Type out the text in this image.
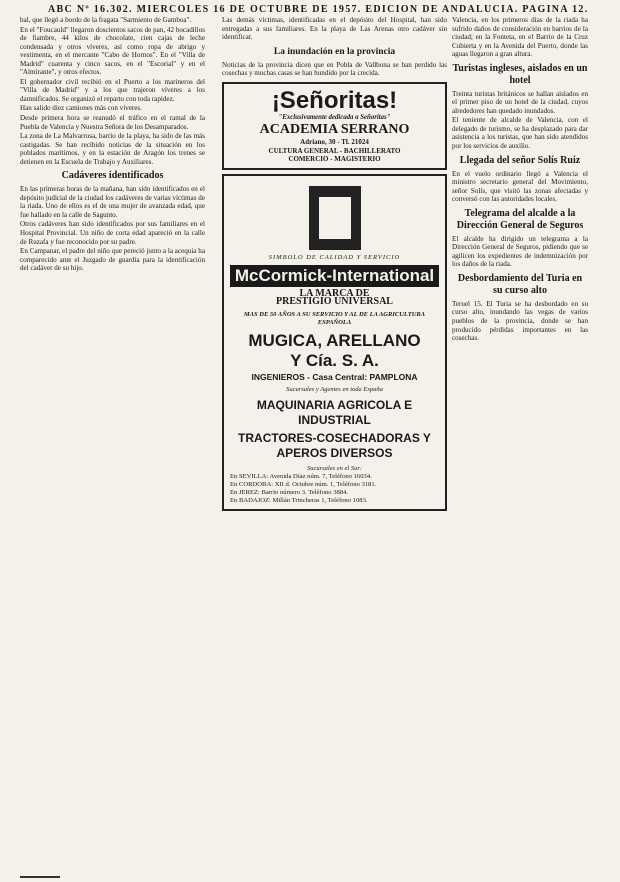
ABC Nº 16.302. MIERCOLES 16 DE OCTUBRE DE 1957. EDICION DE ANDALUCIA. PAGINA 12.

bal, que llegó a bordo de la fragata "Sarmiento de Gamboa".

En el "Foucauld" llegaron doscientos sacos de pan, 42 bocadillos de fiambre, 44 kilos de chocolate, cien cajas de leche condensada y otros víveres, así como ropa de abrigo y vestimenta, en el mercante "Cabo de Hornos". En el "Villa de Madrid" cuarenta y cinco sacos, en el "Escorial" y en el "Almirante", y otros efectos.

El gobernador civil recibió en el Puerto a los marineros del "Villa de Madrid" y a los que trajeron víveres a los damnificados. Se organizó el reparto con toda rapidez.

Han salido diez camiones más con víveres.

Desde primera hora se reanudó el tráfico en el ramal de la Puebla de Valencia y Nuestra Señora de los Desamparados.

La zona de La Malvarrosa, barrio de la playa, ha sido de las más castigadas. Se han recibido noticias de la situación en los poblados marítimos, y en la estación de Aragón los trenes se detienen en la Escuela de Trabajo y Auxiliares.

Cadáveres identificados

En las primeras horas de la mañana, han sido identificados en el depósito judicial de la ciudad los cadáveres de varias víctimas de la riada. Uno de ellos es el de una mujer de avanzada edad, que fue hallado en la calle de Sagunto.

Otros cadáveres han sido identificados por sus familiares en el Hospital Provincial. Un niño de corta edad apareció en la calle de Ruzafa y fue reconocido por su padre.

En Campanar, el padre del niño que pereció junto a la acequia ha comparecido ante el Juzgado de guardia para la identificación del cadáver de su hijo.

Las demás víctimas, identificadas en el depósito del Hospital, han sido entregadas a sus familiares. En la playa de Las Arenas otro cadáver sin identificar.

La inundación en la provincia

Noticias de la provincia dicen que en Pobla de Vallbona se han perdido las cosechas y muchas casas se han hundido por la crecida.

¡Señoritas!
"Exclusivamente dedicada a Señoritas"
ACADEMIA SERRANO
Adriano, 30 - Tl. 21024
CULTURA GENERAL - BACHILLERATO
COMERCIO - MAGISTERIO
SIMBOLO DE CALIDAD Y SERVICIO
McCormick-International
LA MARCA DE
PRESTIGIO UNIVERSAL
MAS DE 50 AÑOS A SU SERVICIO Y AL DE LA AGRICULTURA ESPAÑOLA
MUGICA, ARELLANO
Y Cía. S. A.
INGENIEROS - Casa Central: PAMPLONA
Sucursales y Agentes en toda España
MAQUINARIA AGRICOLA E INDUSTRIAL
TRACTORES-COSECHADORAS Y APEROS DIVERSOS
Sucursales en el Sur:
En SEVILLA: Avenida Díaz núm. 7, Teléfono 16034.
En CORDOBA: XII d. Octubre núm. 1, Teléfono 3181.
En JEREZ: Barrio número 3. Teléfono 3884.
En BADAJOZ: Millán Trincheras 1, Teléfono 1083.

Valencia, en los primeros días de la riada ha sufrido daños de consideración en barrios de la ciudad; en la Fonteta, en el Barrio de la Cruz Cubierta y en la Avenida del Puerto, donde las aguas llegaron a gran altura.

Turistas ingleses, aislados en un hotel

Treinta turistas británicos se hallan aislados en el primer piso de un hotel de la ciudad, cuyos alrededores han quedado inundados.

El teniente de alcalde de Valencia, con el delegado de turismo, se ha desplazado para dar asistencia a los turistas, que han sido atendidos por los servicios de auxilio.

Llegada del señor Solís Ruiz

En el vuelo ordinario llegó a Valencia el ministro secretario general del Movimiento, señor Solís, que visitó las zonas afectadas y conversó con las autoridades locales.

Telegrama del alcalde a la Dirección General de Seguros

El alcalde ha dirigido un telegrama a la Dirección General de Seguros, pidiendo que se agilicen los expedientes de indemnización por los daños de la riada.

Desbordamiento del Turia en su curso alto

Teruel 15. El Turia se ha desbordado en su curso alto, inundando las vegas de varios pueblos de la provincia, donde se han producido pérdidas importantes en las cosechas.
